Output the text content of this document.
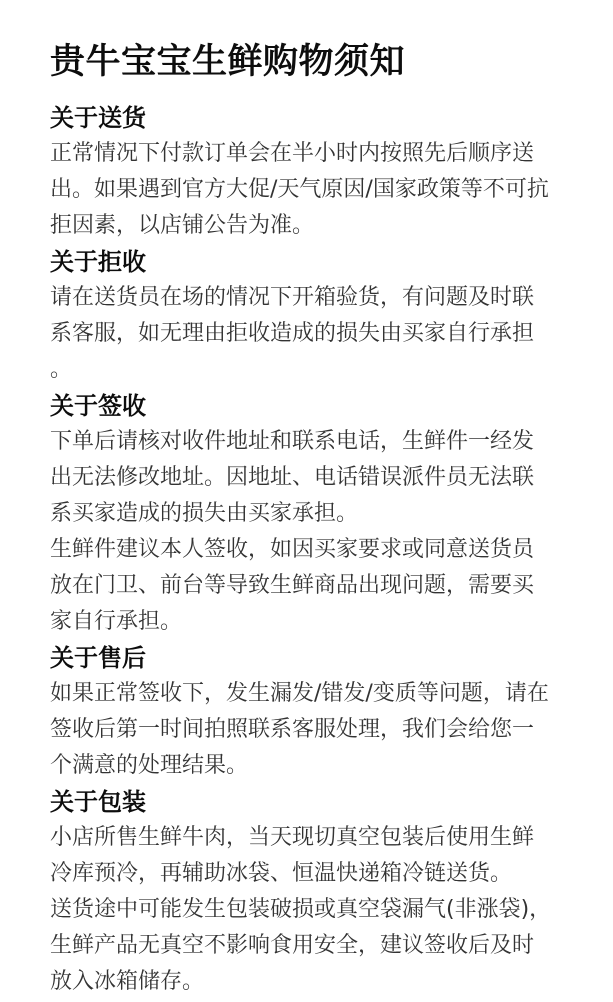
贵牛宝宝生鲜购物须知
关于送货

正常情况下付款订单会在半小时内按照先后顺序送出。如果遇到官方大促/天气原因/国家政策等不可抗拒因素，以店铺公告为准。

关于拒收

请在送货员在场的情况下开箱验货，有问题及时联系客服，如无理由拒收造成的损失由买家自行承担。

关于签收

下单后请核对收件地址和联系电话，生鲜件一经发出无法修改地址。因地址、电话错误派件员无法联系买家造成的损失由买家承担。

生鲜件建议本人签收，如因买家要求或同意送货员放在门卫、前台等导致生鲜商品出现问题，需要买家自行承担。

关于售后

如果正常签收下，发生漏发/错发/变质等问题，请在签收后第一时间拍照联系客服处理，我们会给您一个满意的处理结果。

关于包装

小店所售生鲜牛肉，当天现切真空包装后使用生鲜冷库预冷，再辅助冰袋、恒温快递箱冷链送货。

送货途中可能发生包装破损或真空袋漏气(非涨袋)，生鲜产品无真空不影响食用安全，建议签收后及时放入冰箱储存。
